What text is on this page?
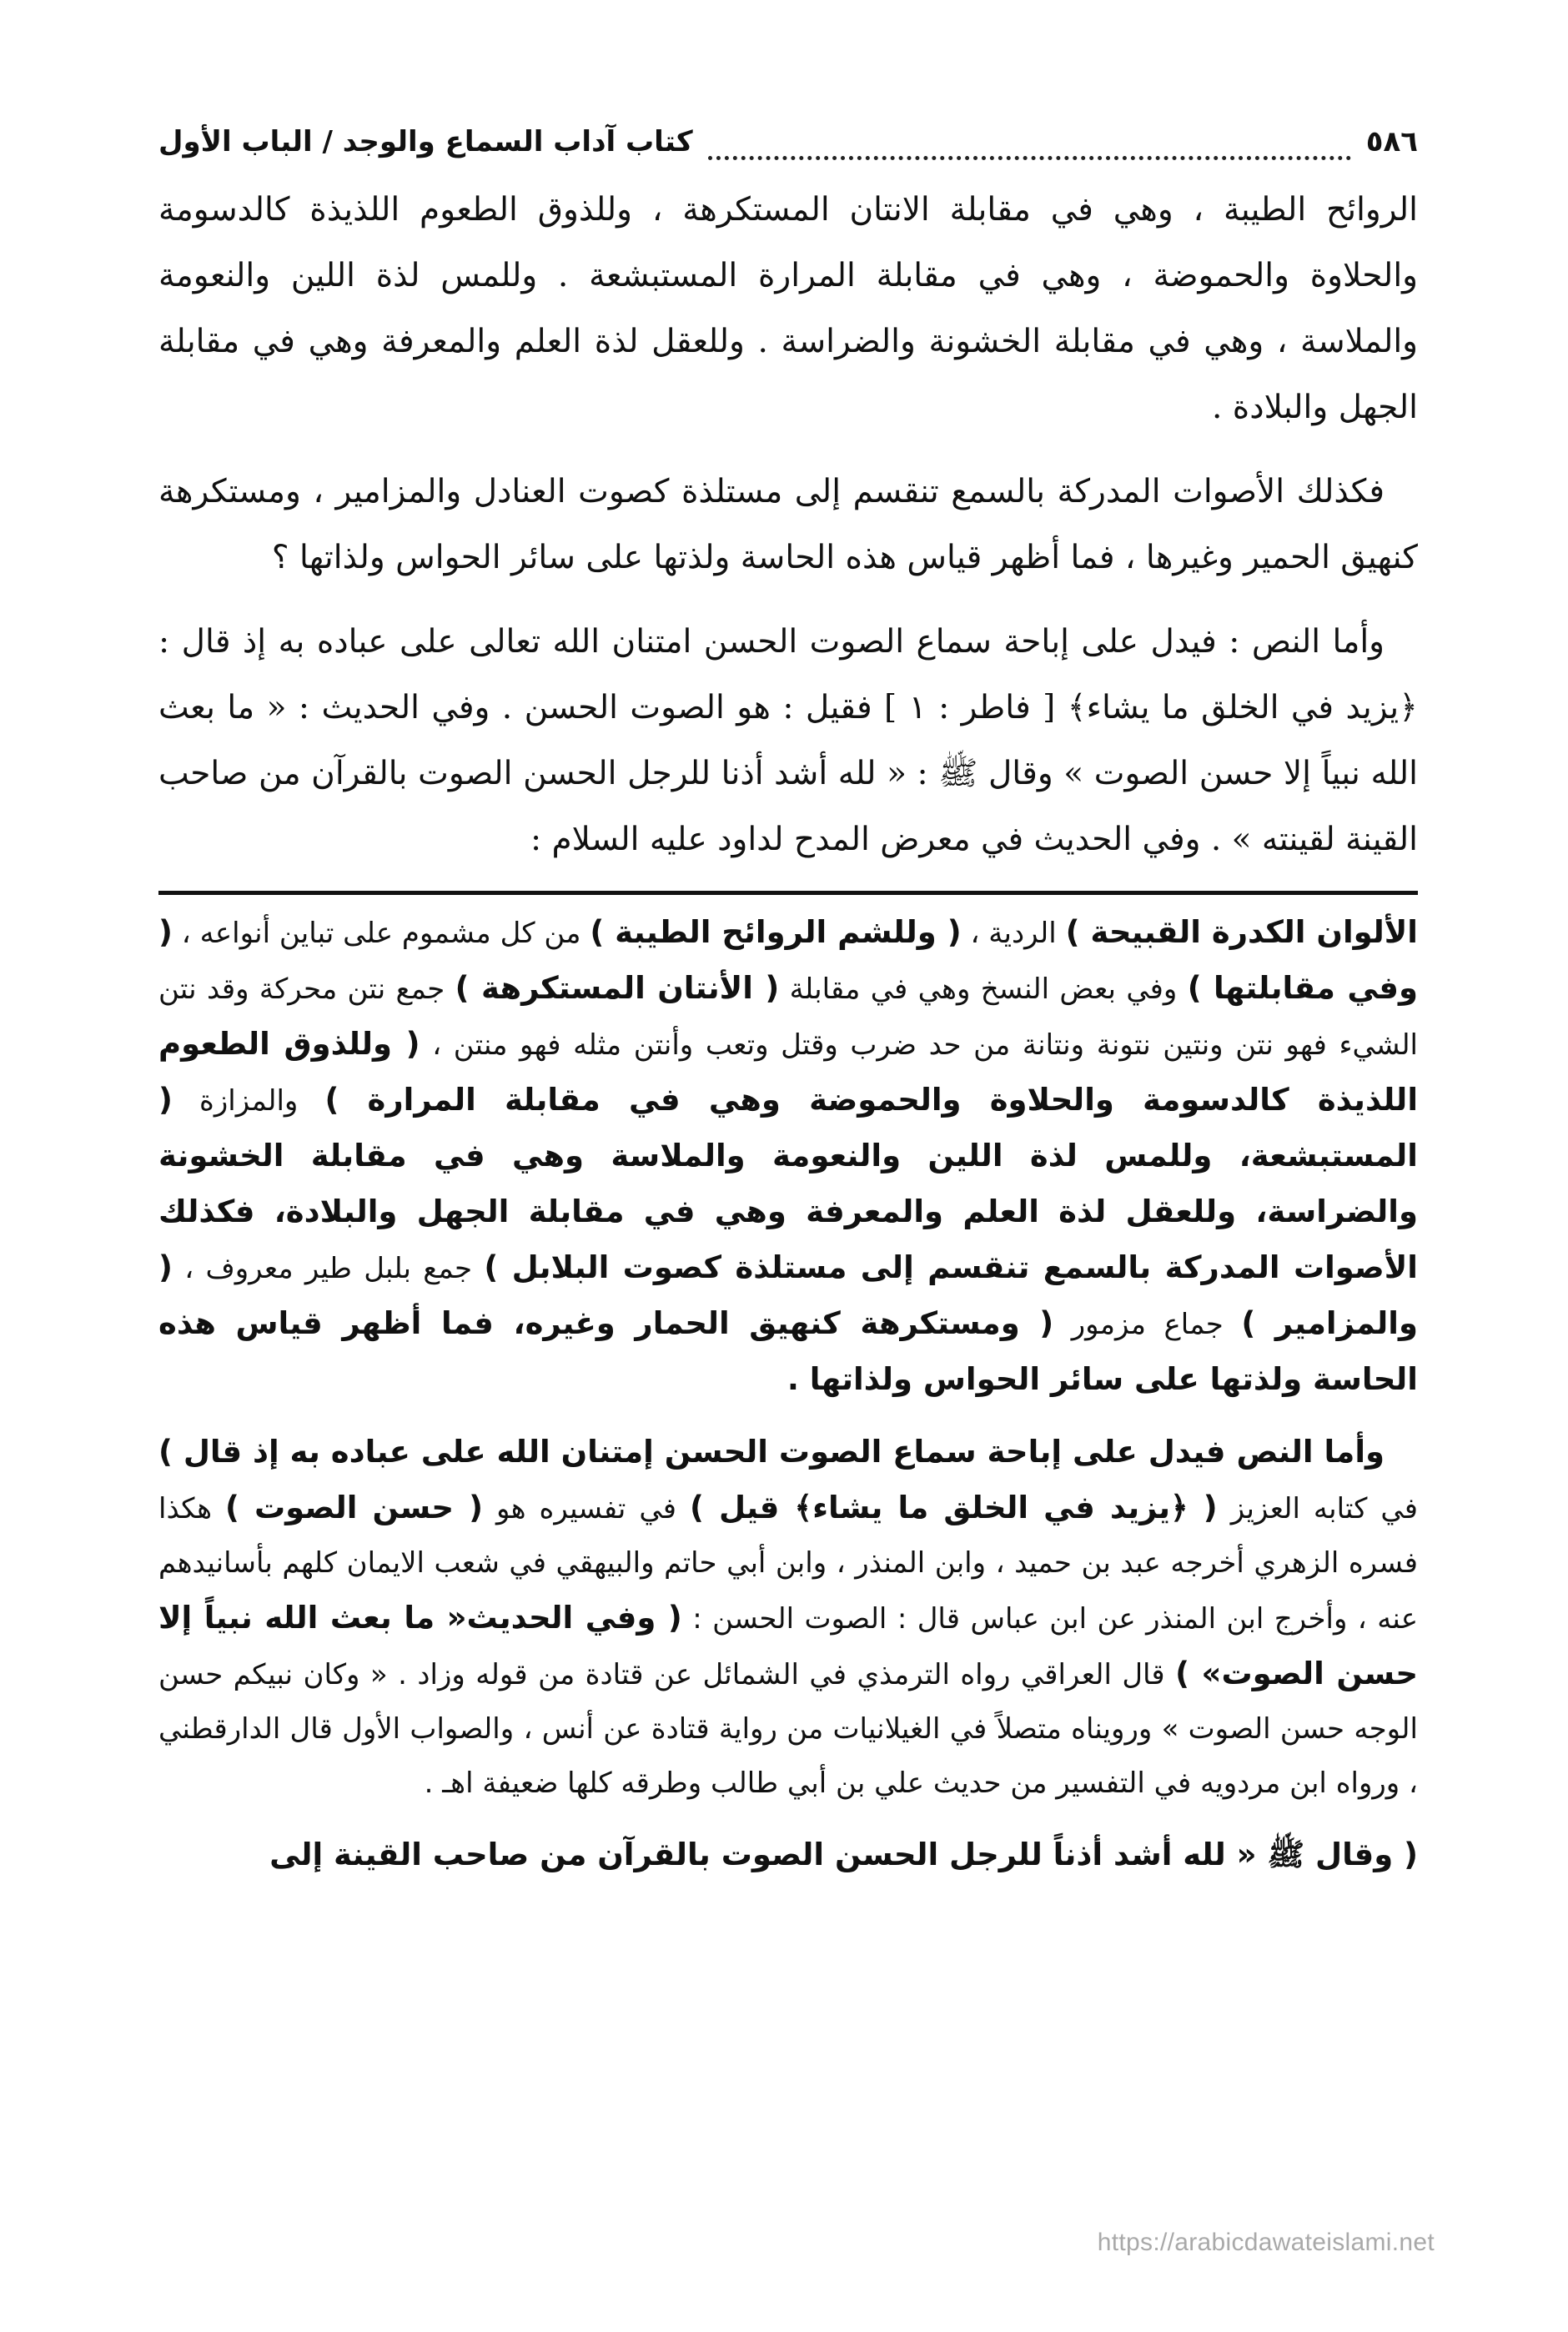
٥٨٦
كتاب آداب السماع والوجد / الباب الأول

الروائح الطيبة ، وهي في مقابلة الانتان المستكرهة ، وللذوق الطعوم اللذيذة كالدسومة والحلاوة والحموضة ، وهي في مقابلة المرارة المستبشعة . وللمس لذة اللين والنعومة والملاسة ، وهي في مقابلة الخشونة والضراسة . وللعقل لذة العلم والمعرفة وهي في مقابلة الجهل والبلادة .

فكذلك الأصوات المدركة بالسمع تنقسم إلى مستلذة كصوت العنادل والمزامير ، ومستكرهة كنهيق الحمير وغيرها ، فما أظهر قياس هذه الحاسة ولذتها على سائر الحواس ولذاتها ؟

وأما النص : فيدل على إباحة سماع الصوت الحسن امتنان الله تعالى على عباده به إذ قال : ﴿يزيد في الخلق ما يشاء﴾ [ فاطر : ١ ] فقيل : هو الصوت الحسن . وفي الحديث : « ما بعث الله نبياً إلا حسن الصوت » وقال ﷺ : « لله أشد أذنا للرجل الحسن الصوت بالقرآن من صاحب القينة لقينته » . وفي الحديث في معرض المدح لداود عليه السلام :

الألوان الكدرة القبيحة ) الردية ، ( وللشم الروائح الطيبة ) من كل مشموم على تباين أنواعه ، ( وفي مقابلتها ) وفي بعض النسخ وهي في مقابلة ( الأنتان المستكرهة ) جمع نتن محركة وقد نتن الشيء فهو نتن ونتين نتونة ونتانة من حد ضرب وقتل وتعب وأنتن مثله فهو منتن ، ( وللذوق الطعوم اللذيذة كالدسومة والحلاوة والحموضة وهي في مقابلة المرارة ) والمزازة ( المستبشعة، وللمس لذة اللين والنعومة والملاسة وهي في مقابلة الخشونة والضراسة، وللعقل لذة العلم والمعرفة وهي في مقابلة الجهل والبلادة، فكذلك الأصوات المدركة بالسمع تنقسم إلى مستلذة كصوت البلابل ) جمع بلبل طير معروف ، ( والمزامير ) جماع مزمور ( ومستكرهة كنهيق الحمار وغيره، فما أظهر قياس هذه الحاسة ولذتها على سائر الحواس ولذاتها .

وأما النص فيدل على إباحة سماع الصوت الحسن إمتنان الله على عباده به إذ قال ) في كتابه العزيز ( ﴿يزيد في الخلق ما يشاء﴾ قيل ) في تفسيره هو ( حسن الصوت ) هكذا فسره الزهري أخرجه عبد بن حميد ، وابن المنذر ، وابن أبي حاتم والبيهقي في شعب الايمان كلهم بأسانيدهم عنه ، وأخرج ابن المنذر عن ابن عباس قال : الصوت الحسن : ( وفي الحديث« ما بعث الله نبياً إلا حسن الصوت» ) قال العراقي رواه الترمذي في الشمائل عن قتادة من قوله وزاد . « وكان نبيكم حسن الوجه حسن الصوت » ورويناه متصلاً في الغيلانيات من رواية قتادة عن أنس ، والصواب الأول قال الدارقطني ، ورواه ابن مردويه في التفسير من حديث علي بن أبي طالب وطرقه كلها ضعيفة اهـ .

( وقال ﷺ « لله أشد أذناً للرجل الحسن الصوت بالقرآن من صاحب القينة إلى

https://arabicdawateislami.net
